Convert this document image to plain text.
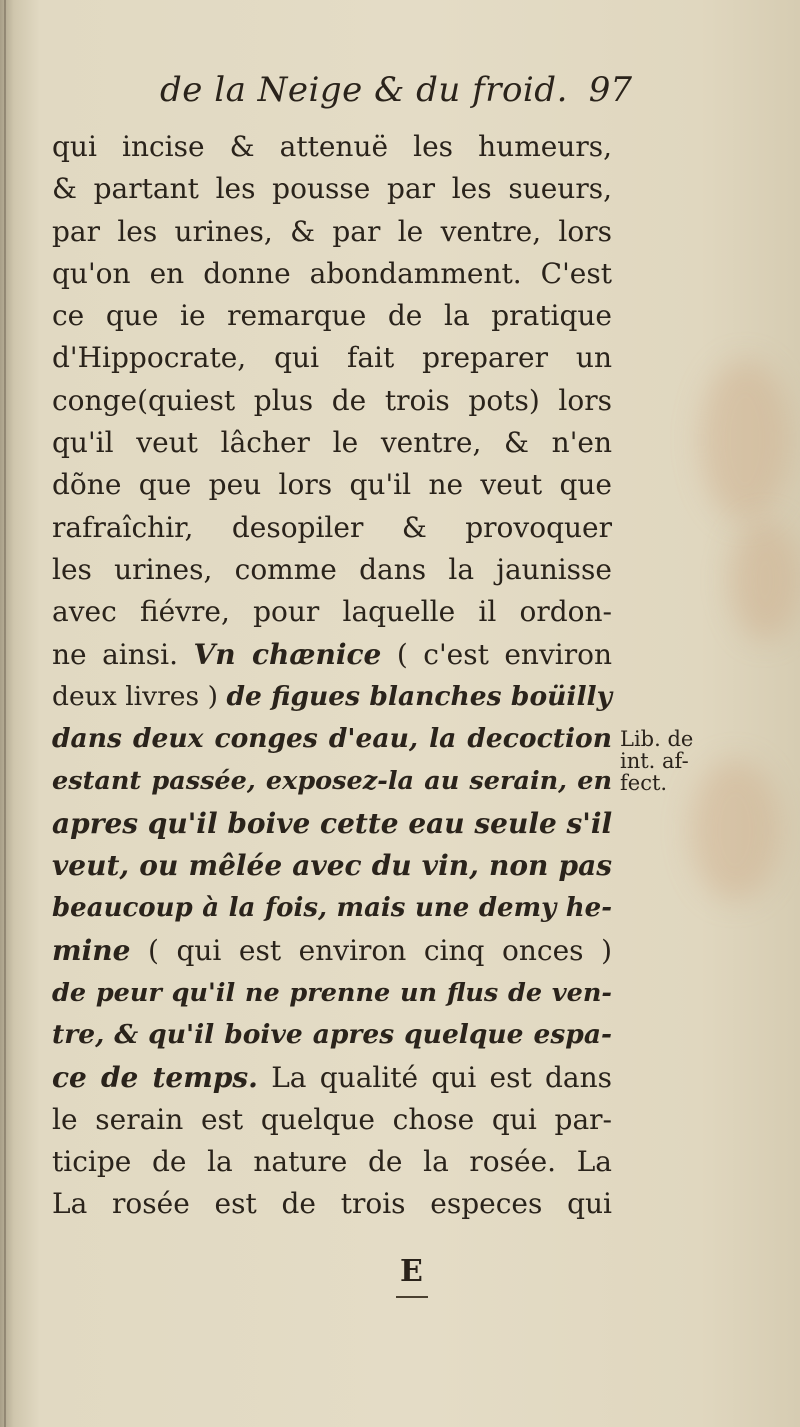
de la Neige & du froid. 97
qui incise & attenuë les humeurs,
& partant les pousse par les sueurs,
par les urines, & par le ventre, lors
qu'on en donne abondamment. C'est
ce que ie remarque de la pratique
d'Hippocrate, qui fait preparer un
conge(quiest plus de trois pots) lors
qu'il veut lâcher le ventre, & n'en
dõne que peu lors qu'il ne veut que
rafraîchir, desopiler & provoquer
les urines, comme dans la jaunisse
avec fiévre, pour laquelle il ordon-
ne ainsi. Vn chænice ( c'est environ
deux livres ) de figues blanches boüilly
dans deux conges d'eau, la decoction
estant passée, exposez-la au serain, en
apres qu'il boive cette eau seule s'il
veut, ou mêlée avec du vin, non pas
beaucoup à la fois, mais une demy he-
mine ( qui est environ cinq onces )
de peur qu'il ne prenne un flus de ven-
tre, & qu'il boive apres quelque espa-
ce de temps. La qualité qui est dans
le serain est quelque chose qui par-
ticipe de la nature de la rosée. La
La rosée est de trois especes qui
Lib. de
int. af-
fect.
E
